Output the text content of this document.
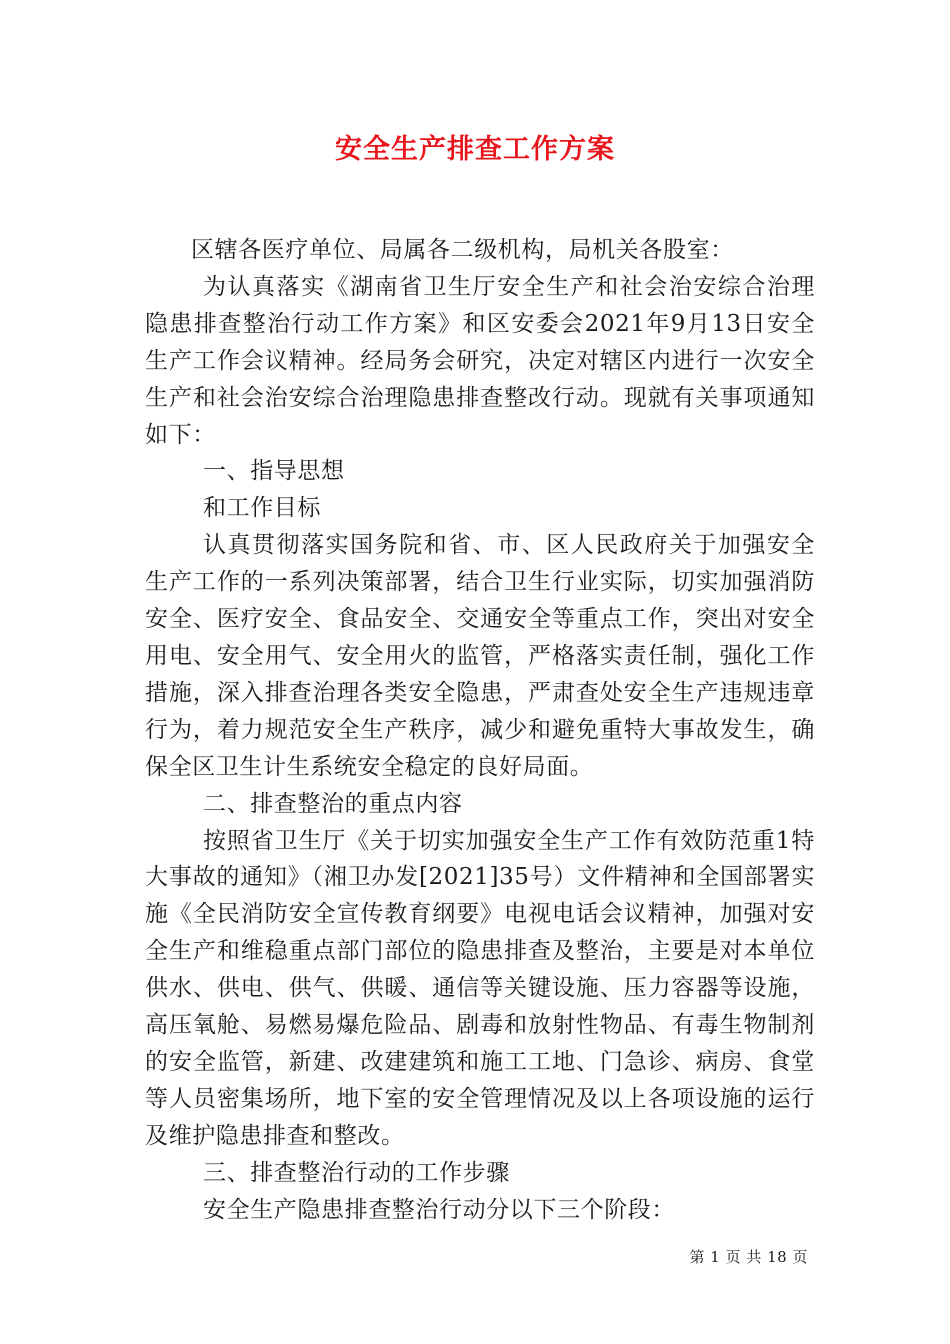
安全生产排查工作方案

区辖各医疗单位、局属各二级机构，局机关各股室：

为认真落实《湖南省卫生厅安全生产和社会治安综合治理隐患排查整治行动工作方案》和区安委会2021年9月13日安全生产工作会议精神。经局务会研究，决定对辖区内进行一次安全生产和社会治安综合治理隐患排查整改行动。现就有关事项通知如下：

一、指导思想

和工作目标

认真贯彻落实国务院和省、市、区人民政府关于加强安全生产工作的一系列决策部署，结合卫生行业实际，切实加强消防安全、医疗安全、食品安全、交通安全等重点工作，突出对安全用电、安全用气、安全用火的监管，严格落实责任制，强化工作措施，深入排查治理各类安全隐患，严肃查处安全生产违规违章行为，着力规范安全生产秩序，减少和避免重特大事故发生，确保全区卫生计生系统安全稳定的良好局面。

二、排查整治的重点内容

按照省卫生厅《关于切实加强安全生产工作有效防范重1特大事故的通知》（湘卫办发[2021]35号）文件精神和全国部署实施《全民消防安全宣传教育纲要》电视电话会议精神，加强对安全生产和维稳重点部门部位的隐患排查及整治，主要是对本单位供水、供电、供气、供暖、通信等关键设施、压力容器等设施，高压氧舱、易燃易爆危险品、剧毒和放射性物品、有毒生物制剂的安全监管，新建、改建建筑和施工工地、门急诊、病房、食堂等人员密集场所，地下室的安全管理情况及以上各项设施的运行及维护隐患排查和整改。

三、排查整治行动的工作步骤

安全生产隐患排查整治行动分以下三个阶段：

第 1 页 共 18 页
